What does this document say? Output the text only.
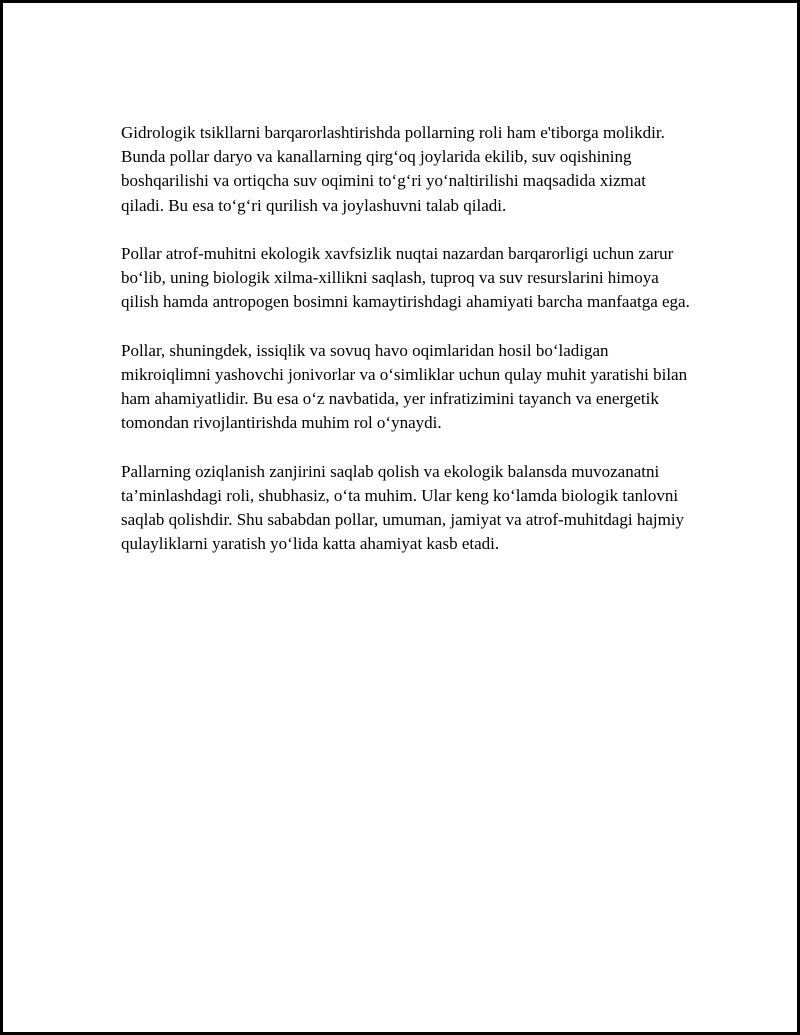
Gidrologik tsikllarni barqarorlashtirishda pollarning roli ham e'tiborga molikdir. Bunda pollar daryo va kanallarning qirg‘oq joylarida ekilib, suv oqishining boshqarilishi va ortiqcha suv oqimini to‘g‘ri yo‘naltirilishi maqsadida xizmat qiladi. Bu esa to‘g‘ri qurilish va joylashuvni talab qiladi.

Pollar atrof-muhitni ekologik xavfsizlik nuqtai nazardan barqarorligi uchun zarur bo‘lib, uning biologik xilma-xillikni saqlash, tuproq va suv resurslarini himoya qilish hamda antropogen bosimni kamaytirishdagi ahamiyati barcha manfaatga ega.

Pollar, shuningdek, issiqlik va sovuq havo oqimlaridan hosil bo‘ladigan mikroiqlimni yashovchi jonivorlar va o‘simliklar uchun qulay muhit yaratishi bilan ham ahamiyatlidir. Bu esa o‘z navbatida, yer infratizimini tayanch va energetik tomondan rivojlantirishda muhim rol o‘ynaydi.

Pallarning oziqlanish zanjirini saqlab qolish va ekologik balansda muvozanatni ta’minlashdagi roli, shubhasiz, o‘ta muhim. Ular keng ko‘lamda biologik tanlovni saqlab qolishdir. Shu sababdan pollar, umuman, jamiyat va atrof-muhitdagi hajmiy qulayliklarni yaratish yo‘lida katta ahamiyat kasb etadi.
